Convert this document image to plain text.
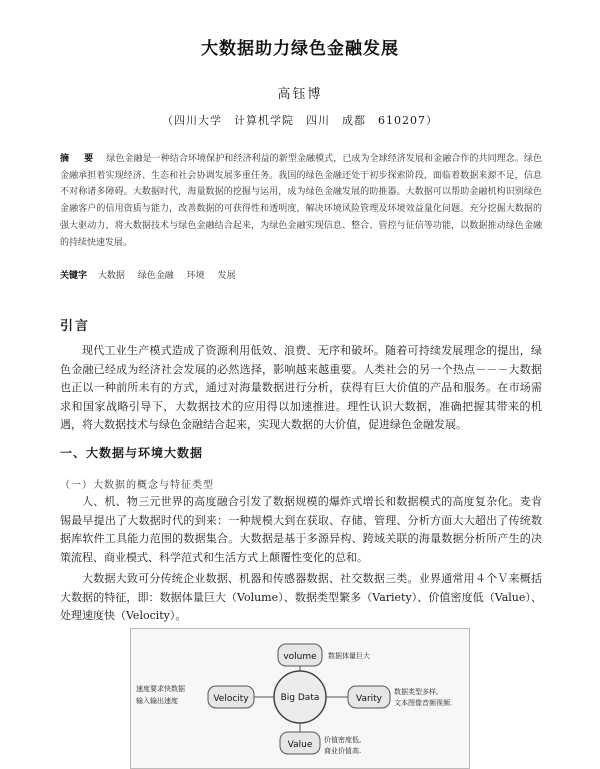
大数据助力绿色金融发展
高钰博
（四川大学　计算机学院　四川　成都　610207）
摘　要 绿色金融是一种结合环境保护和经济利益的新型金融模式，已成为全球经济发展和金融合作的共同理念。绿色金融承担着实现经济、生态和社会协调发展多重任务。我国的绿色金融还处于初步探索阶段，面临着数据来源不足，信息不对称诸多障碍。大数据时代，海量数据的挖掘与运用，成为绿色金融发展的助推器。大数据可以帮助金融机构识别绿色金融客户的信用资质与能力，改善数据的可获得性和透明度，解决环境风险管理及环境效益量化问题。充分挖掘大数据的强大驱动力，将大数据技术与绿色金融结合起来，为绿色金融实现信息、整合、管控与征信等功能，以数据推动绿色金融的持续快速发展。
关键字 大数据 绿色金融 环境 发展
引言
现代工业生产模式造成了资源利用低效、浪费、无序和破坏。随着可持续发展理念的提出，绿色金融已经成为经济社会发展的必然选择，影响越来越重要。人类社会的另一个热点－－－大数据也正以一种前所未有的方式，通过对海量数据进行分析，获得有巨大价值的产品和服务。在市场需求和国家战略引导下，大数据技术的应用得以加速推进。理性认识大数据，准确把握其带来的机遇，将大数据技术与绿色金融结合起来，实现大数据的大价值，促进绿色金融发展。
一、大数据与环境大数据
（一）大数据的概念与特征类型
人、机、物三元世界的高度融合引发了数据规模的爆炸式增长和数据模式的高度复杂化。麦肯锡最早提出了大数据时代的到来：一种规模大到在获取、存储、管理、分析方面大大超出了传统数据库软件工具能力范围的数据集合。大数据是基于多源异构、跨域关联的海量数据分析所产生的决策流程、商业模式、科学范式和生活方式上颠覆性变化的总和。
大数据大致可分传统企业数据、机器和传感器数据、社交数据三类。业界通常用４个Ｖ来概括大数据的特征，即：数据体量巨大（Volume）、数据类型繁多（Variety）、价值密度低（Value）、处理速度快（Velocity）。
Big Data
volume 数据体量巨大
Velocity
速度要求快数据
输入输出速度	Varity
数据类型多样,
文本图像音频视频.
Value 价值密度低,
商业价值高.
